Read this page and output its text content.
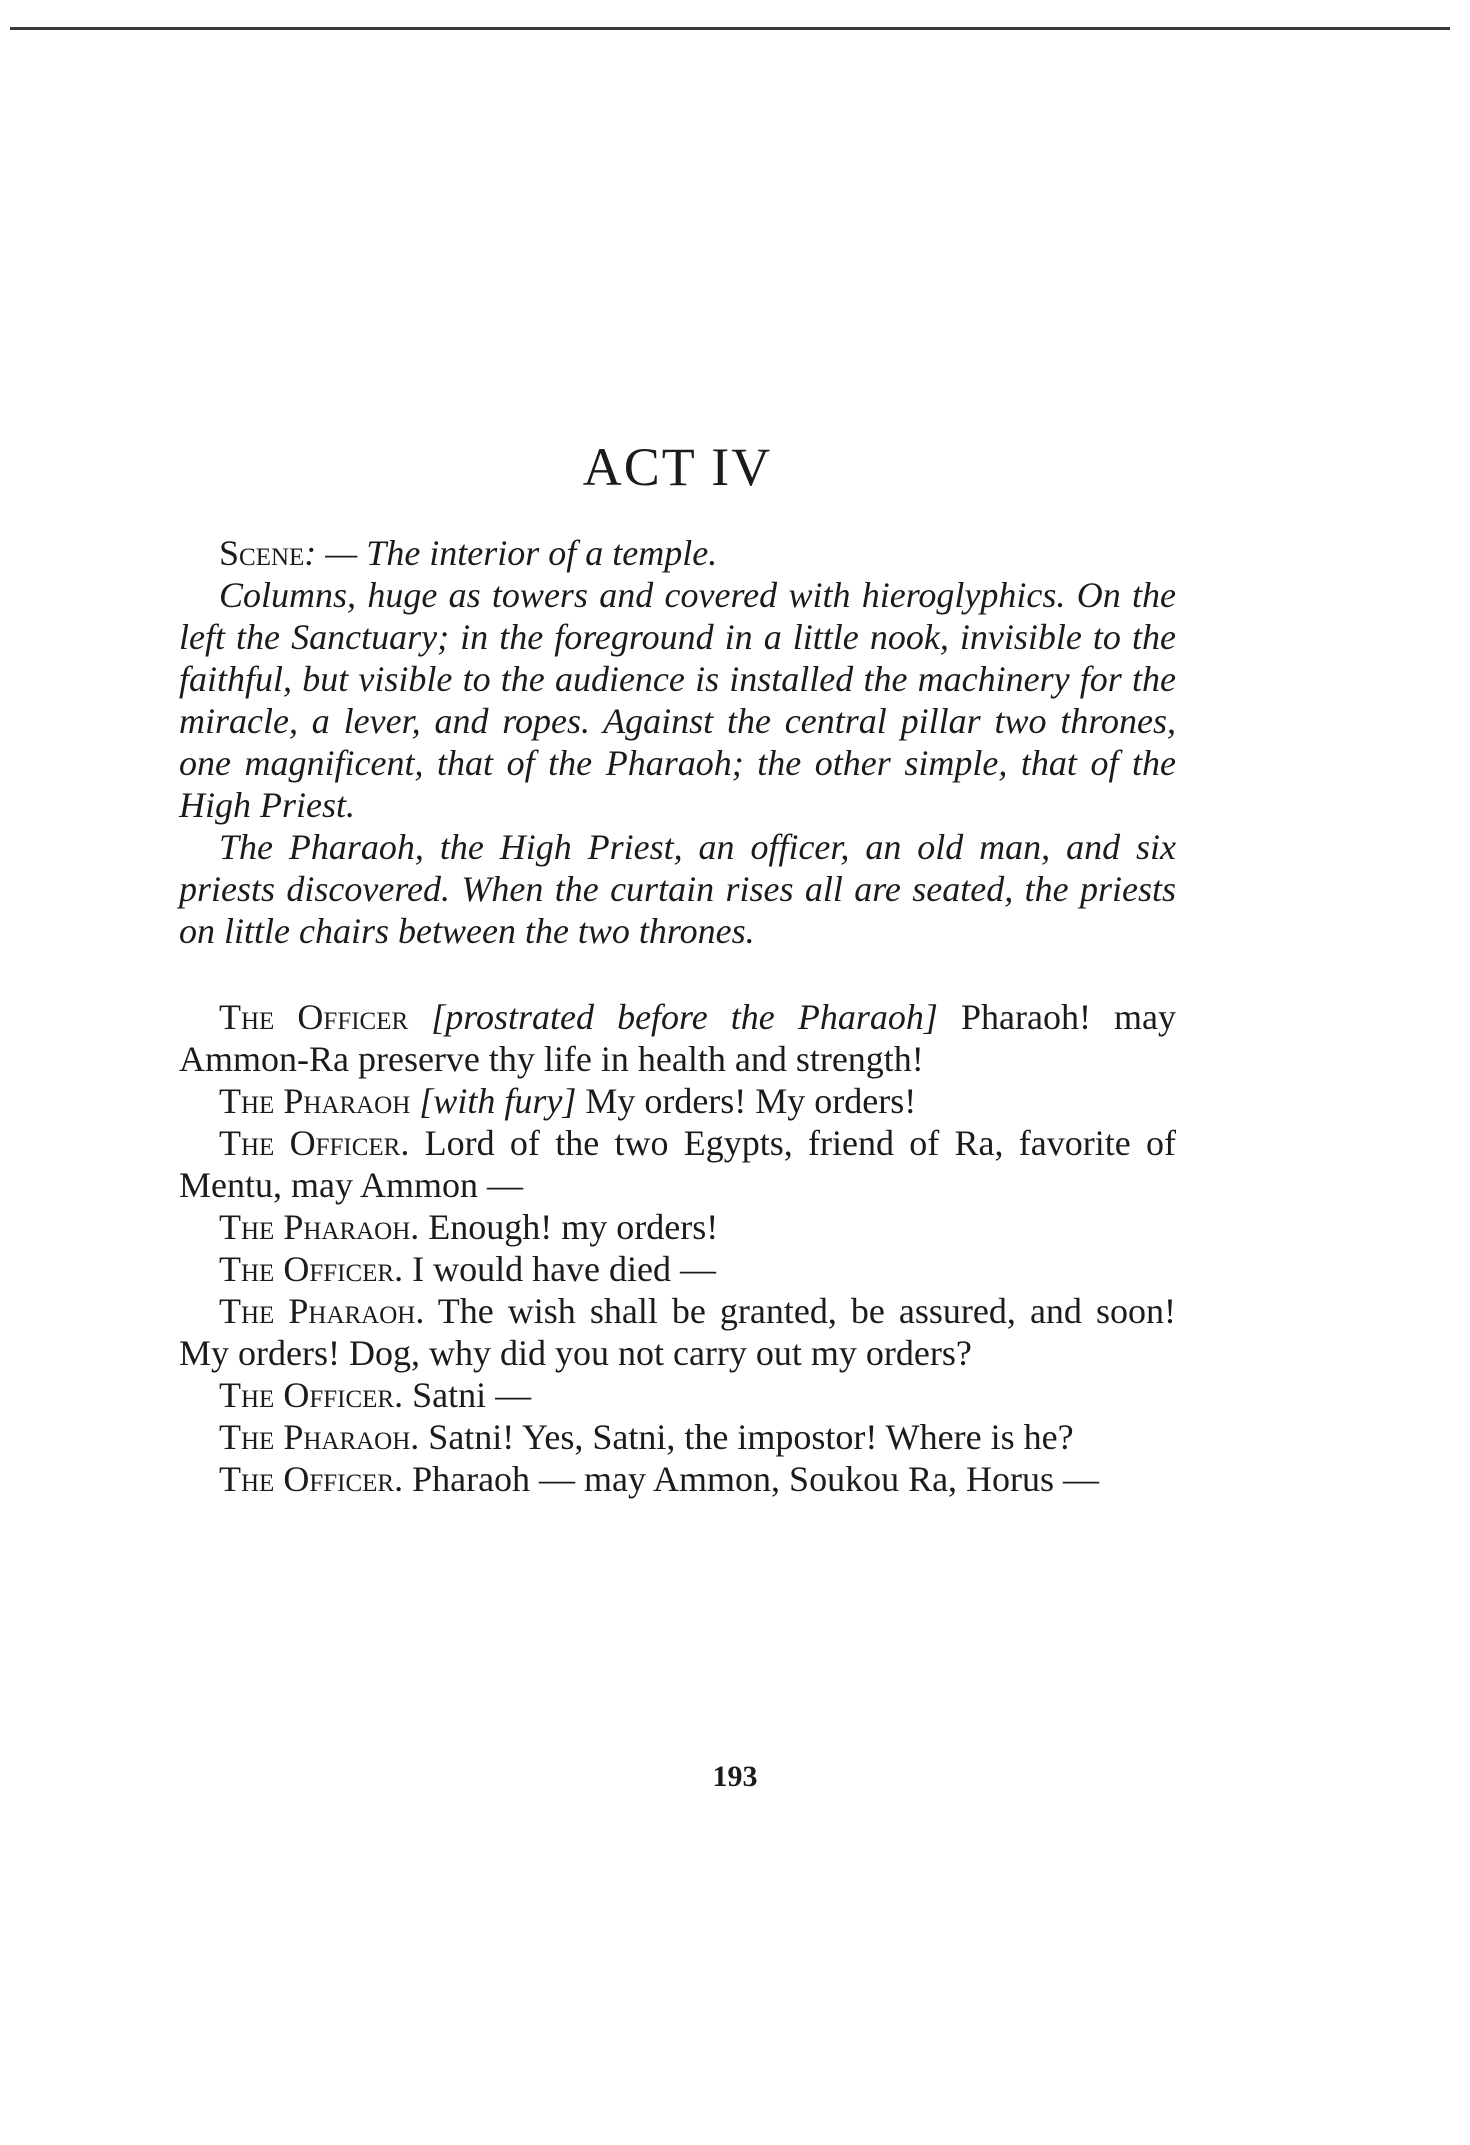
ACT IV

Scene: — The interior of a temple.

Columns, huge as towers and covered with hieroglyphics. On the left the Sanctuary; in the foreground in a little nook, invisible to the faithful, but visible to the audience is installed the machinery for the miracle, a lever, and ropes. Against the central pillar two thrones, one magnificent, that of the Pharaoh; the other simple, that of the High Priest.

The Pharaoh, the High Priest, an officer, an old man, and six priests discovered. When the curtain rises all are seated, the priests on little chairs between the two thrones.

The Officer [prostrated before the Pharaoh] Pharaoh! may Ammon-Ra preserve thy life in health and strength!

The Pharaoh [with fury] My orders! My orders!

The Officer. Lord of the two Egypts, friend of Ra, favorite of Mentu, may Ammon —

The Pharaoh. Enough! my orders!

The Officer. I would have died —

The Pharaoh. The wish shall be granted, be assured, and soon! My orders! Dog, why did you not carry out my orders?

The Officer. Satni —

The Pharaoh. Satni! Yes, Satni, the impostor! Where is he?

The Officer. Pharaoh — may Ammon, Soukou Ra, Horus —

193
